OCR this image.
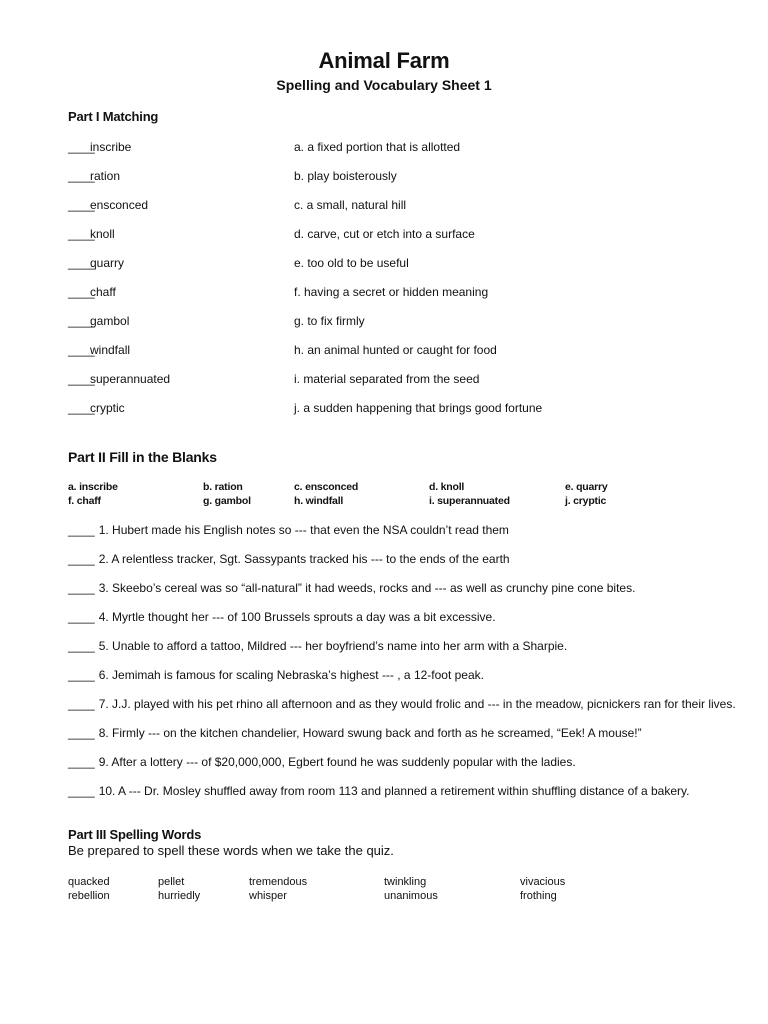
Animal Farm
Spelling and Vocabulary Sheet 1
Part I Matching
____
inscribe	a. a fixed portion that is allotted
____
ration	b. play boisterously
____
ensconced	c. a small, natural hill
____
knoll	d. carve, cut or etch into a surface
____
quarry	e. too old to be useful
____
chaff	f. having a secret or hidden meaning
____
gambol	g. to fix firmly
____
windfall	h. an animal hunted or caught for food
____
superannuated	i. material separated from the seed
____
cryptic	j. a sudden happening that brings good fortune
Part II Fill in the Blanks
a. inscribe	b. ration	c. ensconced	d. knoll	e. quarry
f. chaff	g. gambol	h. windfall	i. superannuated	j. cryptic
____ 1. Hubert made his English notes so --- that even the NSA couldn’t read them
____ 2. A relentless tracker, Sgt. Sassypants tracked his --- to the ends of the earth
____ 3. Skeebo’s cereal was so “all-natural” it had weeds, rocks and --- as well as crunchy pine cone bites.
____ 4. Myrtle thought her --- of 100 Brussels sprouts a day was a bit excessive.
____ 5. Unable to afford a tattoo, Mildred --- her boyfriend’s name into her arm with a Sharpie.
____ 6. Jemimah is famous for scaling Nebraska’s highest --- , a 12-foot peak.
____ 7. J.J. played with his pet rhino all afternoon and as they would frolic and --- in the meadow, picnickers ran for their lives.
____ 8. Firmly --- on the kitchen chandelier, Howard swung back and forth as he screamed, “Eek! A mouse!”
____ 9. After a lottery --- of $20,000,000, Egbert found he was suddenly popular with the ladies.
____ 10. A --- Dr. Mosley shuffled away from room 113 and planned a retirement within shuffling distance of a bakery.
Part III Spelling Words
Be prepared to spell these words when we take the quiz.
quacked	pellet	tremendous	twinkling	vivacious
rebellion	hurriedly	whisper	unanimous	frothing
